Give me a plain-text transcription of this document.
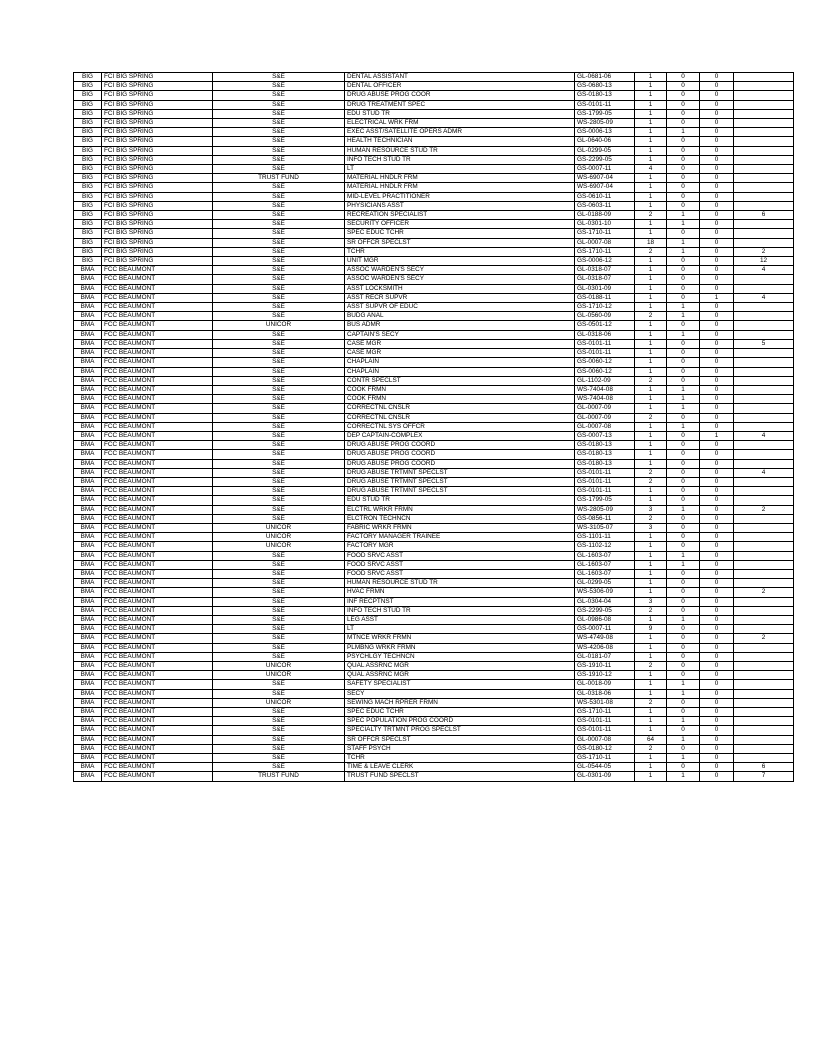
BIG	FCI BIG SPRING	S&E	DENTAL ASSISTANT	GL-0681-06	1	0	0	
BIG	FCI BIG SPRING	S&E	DENTAL OFFICER	GS-0680-13	1	0	0	
BIG	FCI BIG SPRING	S&E	DRUG ABUSE PROG COOR	GS-0180-13	1	0	0	
BIG	FCI BIG SPRING	S&E	DRUG TREATMENT SPEC	GS-0101-11	1	0	0	
BIG	FCI BIG SPRING	S&E	EDU STUD TR	GS-1799-05	1	0	0	
BIG	FCI BIG SPRING	S&E	ELECTRICAL WRK FRM	WS-2805-09	1	0	0	
BIG	FCI BIG SPRING	S&E	EXEC ASST/SATELLITE OPERS ADMR	GS-0006-13	1	1	0	
BIG	FCI BIG SPRING	S&E	HEALTH TECHNICIAN	GL-0640-06	1	0	0	
BIG	FCI BIG SPRING	S&E	HUMAN RESOURCE STUD TR	GL-0299-05	1	0	0	
BIG	FCI BIG SPRING	S&E	INFO TECH STUD TR	GS-2299-05	1	0	0	
BIG	FCI BIG SPRING	S&E	LT	GS-0007-11	4	0	0	
BIG	FCI BIG SPRING	TRUST FUND	MATERIAL HNDLR FRM	WS-6907-04	1	0	0	
BIG	FCI BIG SPRING	S&E	MATERIAL HNDLR FRM	WS-6907-04	1	0	0	
BIG	FCI BIG SPRING	S&E	MID-LEVEL PRACTITIONER	GS-0610-11	1	0	0	
BIG	FCI BIG SPRING	S&E	PHYSICIANS ASST	GS-0603-11	1	0	0	
BIG	FCI BIG SPRING	S&E	RECREATION SPECIALIST	GL-0188-09	2	1	0	6
BIG	FCI BIG SPRING	S&E	SECURITY OFFICER	GL-0301-10	1	1	0	
BIG	FCI BIG SPRING	S&E	SPEC EDUC TCHR	GS-1710-11	1	0	0	
BIG	FCI BIG SPRING	S&E	SR OFFCR SPECLST	GL-0007-08	18	1	0	
BIG	FCI BIG SPRING	S&E	TCHR	GS-1710-11	2	1	0	2
BIG	FCI BIG SPRING	S&E	UNIT MGR	GS-0006-12	1	0	0	12
BMA	FCC BEAUMONT	S&E	ASSOC WARDEN'S SECY	GL-0318-07	1	0	0	4
BMA	FCC BEAUMONT	S&E	ASSOC WARDEN'S SECY	GL-0318-07	1	0	0	
BMA	FCC BEAUMONT	S&E	ASST LOCKSMITH	GL-0301-09	1	0	0	
BMA	FCC BEAUMONT	S&E	ASST RECR SUPVR	GS-0188-11	1	0	1	4
BMA	FCC BEAUMONT	S&E	ASST SUPVR OF EDUC	GS-1710-12	1	1	0	
BMA	FCC BEAUMONT	S&E	BUDG ANAL	GL-0560-09	2	1	0	
BMA	FCC BEAUMONT	UNICOR	BUS ADMR	GS-0501-12	1	0	0	
BMA	FCC BEAUMONT	S&E	CAPTAIN'S SECY	GL-0318-06	1	1	0	
BMA	FCC BEAUMONT	S&E	CASE MGR	GS-0101-11	1	0	0	5
BMA	FCC BEAUMONT	S&E	CASE MGR	GS-0101-11	1	0	0	
BMA	FCC BEAUMONT	S&E	CHAPLAIN	GS-0060-12	1	0	0	
BMA	FCC BEAUMONT	S&E	CHAPLAIN	GS-0060-12	1	0	0	
BMA	FCC BEAUMONT	S&E	CONTR SPECLST	GL-1102-09	2	0	0	
BMA	FCC BEAUMONT	S&E	COOK FRMN	WS-7404-08	1	1	0	
BMA	FCC BEAUMONT	S&E	COOK FRMN	WS-7404-08	1	1	0	
BMA	FCC BEAUMONT	S&E	CORRECTNL CNSLR	GL-0007-09	1	1	0	
BMA	FCC BEAUMONT	S&E	CORRECTNL CNSLR	GL-0007-09	2	0	0	
BMA	FCC BEAUMONT	S&E	CORRECTNL SYS OFFCR	GL-0007-08	1	1	0	
BMA	FCC BEAUMONT	S&E	DEP CAPTAIN-COMPLEX	GS-0007-13	1	0	1	4
BMA	FCC BEAUMONT	S&E	DRUG ABUSE PROG COORD	GS-0180-13	1	0	0	
BMA	FCC BEAUMONT	S&E	DRUG ABUSE PROG COORD	GS-0180-13	1	0	0	
BMA	FCC BEAUMONT	S&E	DRUG ABUSE PROG COORD	GS-0180-13	1	0	0	
BMA	FCC BEAUMONT	S&E	DRUG ABUSE TRTMNT SPECLST	GS-0101-11	2	0	0	4
BMA	FCC BEAUMONT	S&E	DRUG ABUSE TRTMNT SPECLST	GS-0101-11	2	0	0	
BMA	FCC BEAUMONT	S&E	DRUG ABUSE TRTMNT SPECLST	GS-0101-11	1	0	0	
BMA	FCC BEAUMONT	S&E	EDU STUD TR	GS-1799-05	1	0	0	
BMA	FCC BEAUMONT	S&E	ELCTRL WRKR FRMN	WS-2805-09	3	1	0	2
BMA	FCC BEAUMONT	S&E	ELCTRON TECHNCN	GS-0856-11	2	0	0	
BMA	FCC BEAUMONT	UNICOR	FABRIC WRKR FRMN	WS-3105-07	3	0	0	
BMA	FCC BEAUMONT	UNICOR	FACTORY MANAGER TRAINEE	GS-1101-11	1	0	0	
BMA	FCC BEAUMONT	UNICOR	FACTORY MGR	GS-1102-12	1	0	0	
BMA	FCC BEAUMONT	S&E	FOOD SRVC ASST	GL-1603-07	1	1	0	
BMA	FCC BEAUMONT	S&E	FOOD SRVC ASST	GL-1603-07	1	1	0	
BMA	FCC BEAUMONT	S&E	FOOD SRVC ASST	GL-1603-07	1	0	0	
BMA	FCC BEAUMONT	S&E	HUMAN RESOURCE STUD TR	GL-0299-05	1	0	0	
BMA	FCC BEAUMONT	S&E	HVAC FRMN	WS-5306-09	1	0	0	2
BMA	FCC BEAUMONT	S&E	INF RECPTNST	GL-0304-04	3	0	0	
BMA	FCC BEAUMONT	S&E	INFO TECH STUD TR	GS-2299-05	2	0	0	
BMA	FCC BEAUMONT	S&E	LEG ASST	GL-0986-08	1	1	0	
BMA	FCC BEAUMONT	S&E	LT	GS-0007-11	9	0	0	
BMA	FCC BEAUMONT	S&E	MTNCE WRKR FRMN	WS-4749-08	1	0	0	2
BMA	FCC BEAUMONT	S&E	PLMBNG WRKR FRMN	WS-4206-08	1	0	0	
BMA	FCC BEAUMONT	S&E	PSYCHLGY TECHNCN	GL-0181-07	1	0	0	
BMA	FCC BEAUMONT	UNICOR	QUAL ASSRNC MGR	GS-1910-11	2	0	0	
BMA	FCC BEAUMONT	UNICOR	QUAL ASSRNC MGR	GS-1910-12	1	0	0	
BMA	FCC BEAUMONT	S&E	SAFETY SPECIALIST	GL-0018-09	1	1	0	
BMA	FCC BEAUMONT	S&E	SECY	GL-0318-06	1	1	0	
BMA	FCC BEAUMONT	UNICOR	SEWING MACH RPRER FRMN	WS-5301-08	2	0	0	
BMA	FCC BEAUMONT	S&E	SPEC EDUC TCHR	GS-1710-11	1	0	0	
BMA	FCC BEAUMONT	S&E	SPEC POPULATION PROG COORD	GS-0101-11	1	1	0	
BMA	FCC BEAUMONT	S&E	SPECIALTY TRTMNT PROG SPECLST	GS-0101-11	1	0	0	
BMA	FCC BEAUMONT	S&E	SR OFFCR SPECLST	GL-0007-08	64	1	0	
BMA	FCC BEAUMONT	S&E	STAFF PSYCH	GS-0180-12	2	0	0	
BMA	FCC BEAUMONT	S&E	TCHR	GS-1710-11	1	1	0	
BMA	FCC BEAUMONT	S&E	TIME & LEAVE CLERK	GL-0544-05	1	0	0	6
BMA	FCC BEAUMONT	TRUST FUND	TRUST FUND SPECLST	GL-0301-09	1	1	0	7
